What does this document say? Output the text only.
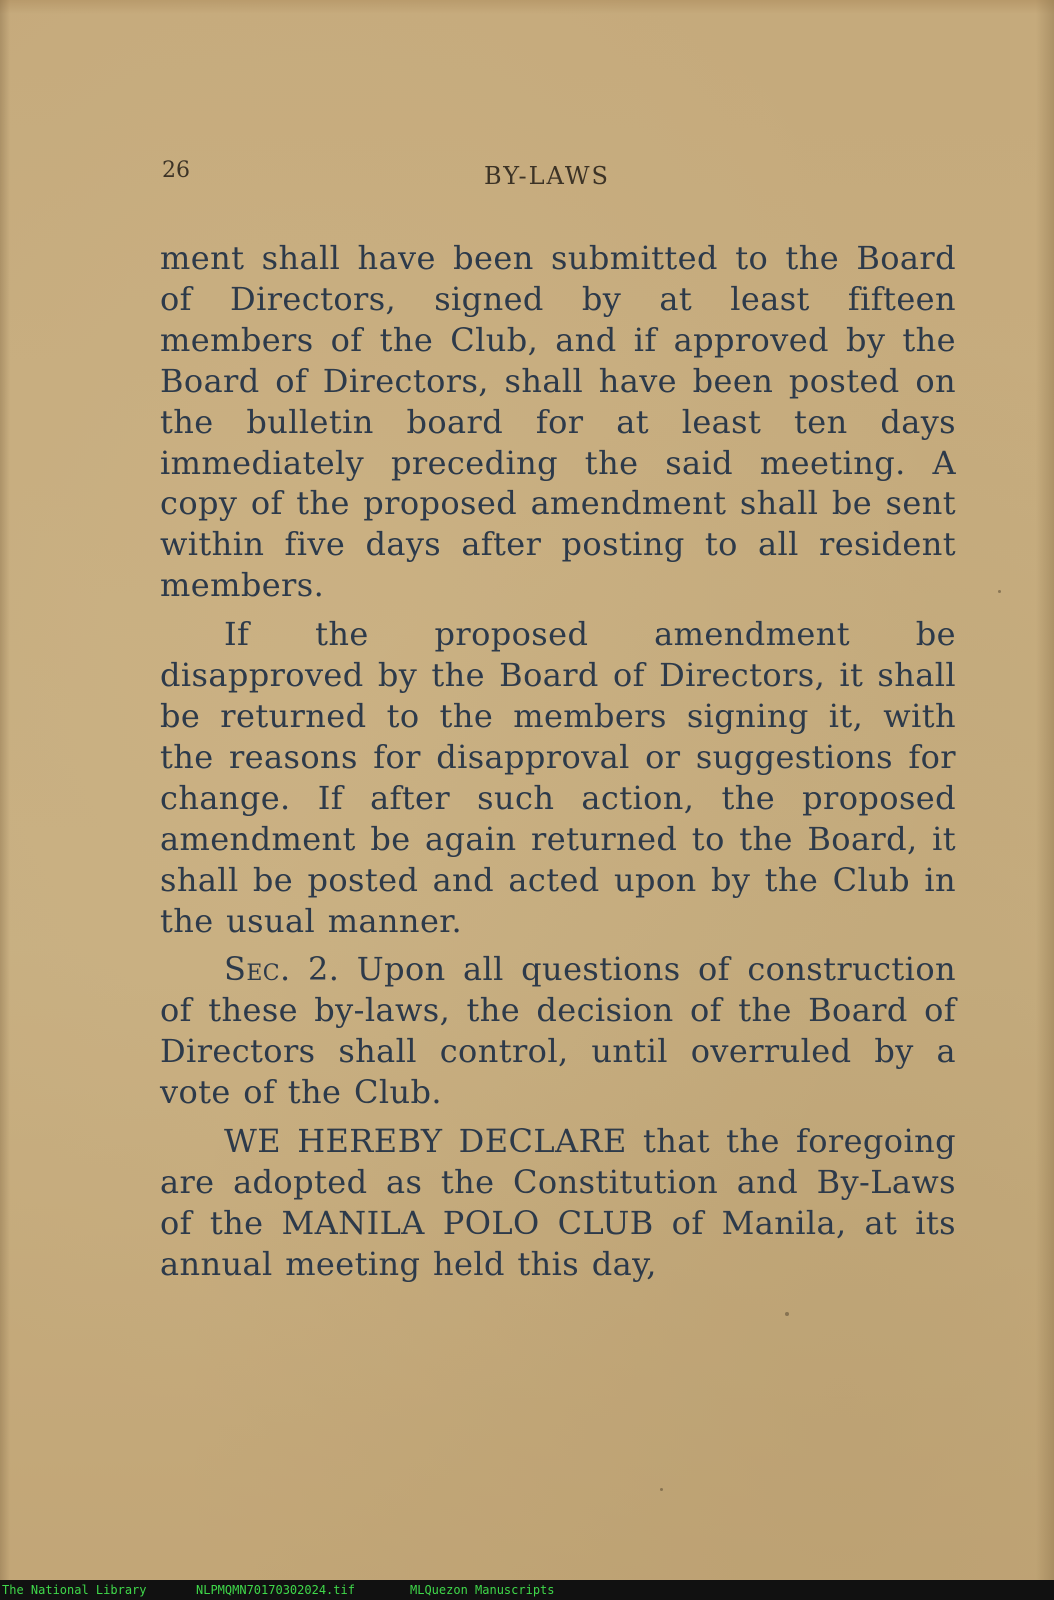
26	BY-LAWS

ment shall have been submitted to the Board of Directors, signed by at least fifteen members of the Club, and if approved by the Board of Directors, shall have been posted on the bulletin board for at least ten days immediately preceding the said meeting. A copy of the proposed amendment shall be sent within five days after posting to all resident members.

If the proposed amendment be disapproved by the Board of Directors, it shall be returned to the members signing it, with the reasons for disapproval or suggestions for change. If after such action, the proposed amendment be again returned to the Board, it shall be posted and acted upon by the Club in the usual manner.

Sec. 2. Upon all questions of construction of these by-laws, the decision of the Board of Directors shall control, until overruled by a vote of the Club.

WE HEREBY DECLARE that the foregoing are adopted as the Constitution and By-Laws of the MANILA POLO CLUB of Manila, at its annual meeting held this day,

The National Library	NLPMQMN70170302024.tif	MLQuezon Manuscripts
